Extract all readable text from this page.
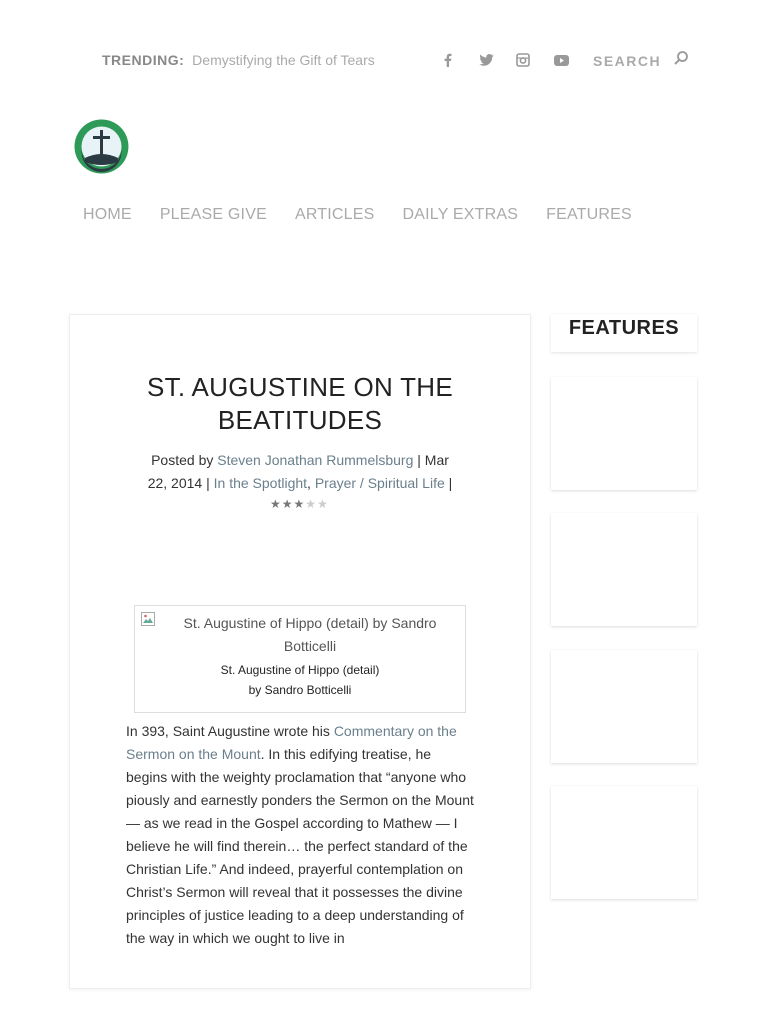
TRENDING: Demystifying the Gift of Tears	SEARCH
HOME PLEASE GIVE ARTICLES DAILY EXTRAS FEATURES
ST. AUGUSTINE ON THE BEATITUDES
Posted by Steven Jonathan Rummelsburg | Mar 22, 2014 | In the Spotlight, Prayer / Spiritual Life |
★ ★ ★ ★ ★
St. Augustine of Hippo (detail) by Sandro Botticelli
St. Augustine of Hippo (detail)
by Sandro Botticelli

In 393, Saint Augustine wrote his Commentary on the Sermon on the Mount. In this edifying treatise, he begins with the weighty proclamation that “anyone who piously and earnestly ponders the Sermon on the Mount — as we read in the Gospel according to Mathew — I believe he will find therein… the perfect standard of the Christian Life.” And indeed, prayerful contemplation on Christ’s Sermon will reveal that it possesses the divine principles of justice leading to a deep understanding of the way in which we ought to live in

FEATURES
